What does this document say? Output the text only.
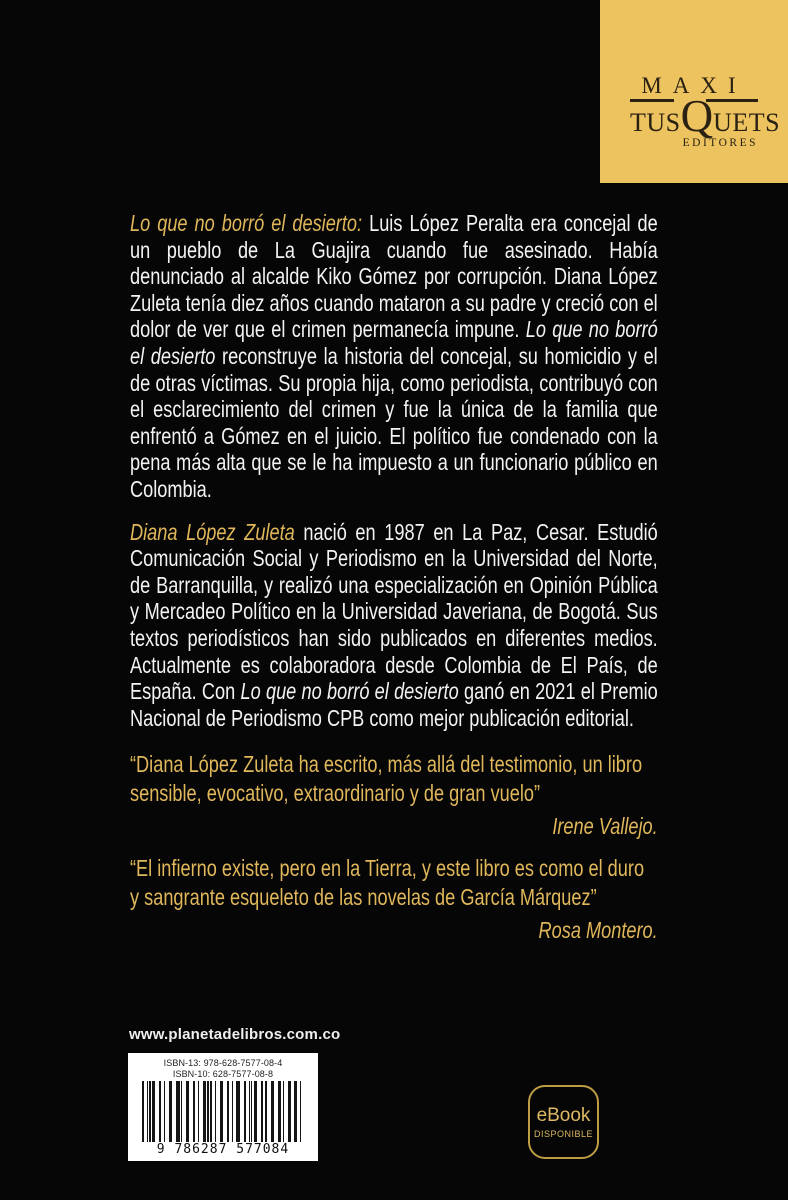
MAXI
TUSQUETS
EDITORES

Lo que no borró el desierto: Luis López Peralta era concejal de un pueblo de La Guajira cuando fue asesinado. Había denunciado al alcalde Kiko Gómez por corrupción. Diana López Zuleta tenía diez años cuando mataron a su padre y creció con el dolor de ver que el crimen permanecía impune. Lo que no borró el desierto reconstruye la historia del concejal, su homicidio y el de otras víctimas. Su propia hija, como periodista, contribuyó con el esclarecimiento del crimen y fue la única de la familia que enfrentó a Gómez en el juicio. El político fue condenado con la pena más alta que se le ha impuesto a un funcionario público en Colombia.

Diana López Zuleta nació en 1987 en La Paz, Cesar. Estudió Comunicación Social y Periodismo en la Universidad del Norte, de Barranquilla, y realizó una especialización en Opinión Pública y Mercadeo Político en la Universidad Javeriana, de Bogotá. Sus textos periodísticos han sido publicados en diferentes medios. Actualmente es colaboradora desde Colombia de El País, de España. Con Lo que no borró el desierto ganó en 2021 el Premio Nacional de Periodismo CPB como mejor publicación editorial.

“Diana López Zuleta ha escrito, más allá del testimonio, un libro sensible, evocativo, extraordinario y de gran vuelo”
Irene Vallejo.
“El infierno existe, pero en la Tierra, y este libro es como el duro y sangrante esqueleto de las novelas de García Márquez”
Rosa Montero.
www.planetadelibros.com.co
ISBN-13: 978-628-7577-08-4
ISBN-10: 628-7577-08-8
9 786287 577084
eBook
DISPONIBLE
